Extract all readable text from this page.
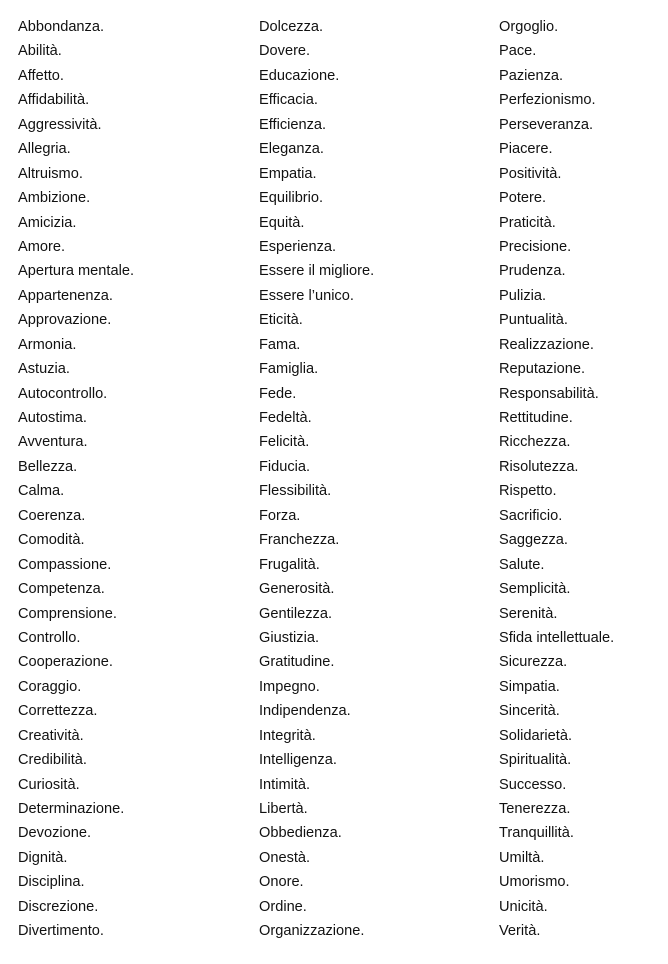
Abbondanza.
Abilità.
Affetto.
Affidabilità.
Aggressività.
Allegria.
Altruismo.
Ambizione.
Amicizia.
Amore.
Apertura mentale.
Appartenenza.
Approvazione.
Armonia.
Astuzia.
Autocontrollo.
Autostima.
Avventura.
Bellezza.
Calma.
Coerenza.
Comodità.
Compassione.
Competenza.
Comprensione.
Controllo.
Cooperazione.
Coraggio.
Correttezza.
Creatività.
Credibilità.
Curiosità.
Determinazione.
Devozione.
Dignità.
Disciplina.
Discrezione.
Divertimento.
Dolcezza.
Dovere.
Educazione.
Efficacia.
Efficienza.
Eleganza.
Empatia.
Equilibrio.
Equità.
Esperienza.
Essere il migliore.
Essere l’unico.
Eticità.
Fama.
Famiglia.
Fede.
Fedeltà.
Felicità.
Fiducia.
Flessibilità.
Forza.
Franchezza.
Frugalità.
Generosità.
Gentilezza.
Giustizia.
Gratitudine.
Impegno.
Indipendenza.
Integrità.
Intelligenza.
Intimità.
Libertà.
Obbedienza.
Onestà.
Onore.
Ordine.
Organizzazione.
Orgoglio.
Pace.
Pazienza.
Perfezionismo.
Perseveranza.
Piacere.
Positività.
Potere.
Praticità.
Precisione.
Prudenza.
Pulizia.
Puntualità.
Realizzazione.
Reputazione.
Responsabilità.
Rettitudine.
Ricchezza.
Risolutezza.
Rispetto.
Sacrificio.
Saggezza.
Salute.
Semplicità.
Serenità.
Sfida intellettuale.
Sicurezza.
Simpatia.
Sincerità.
Solidarietà.
Spiritualità.
Successo.
Tenerezza.
Tranquillità.
Umiltà.
Umorismo.
Unicità.
Verità.
